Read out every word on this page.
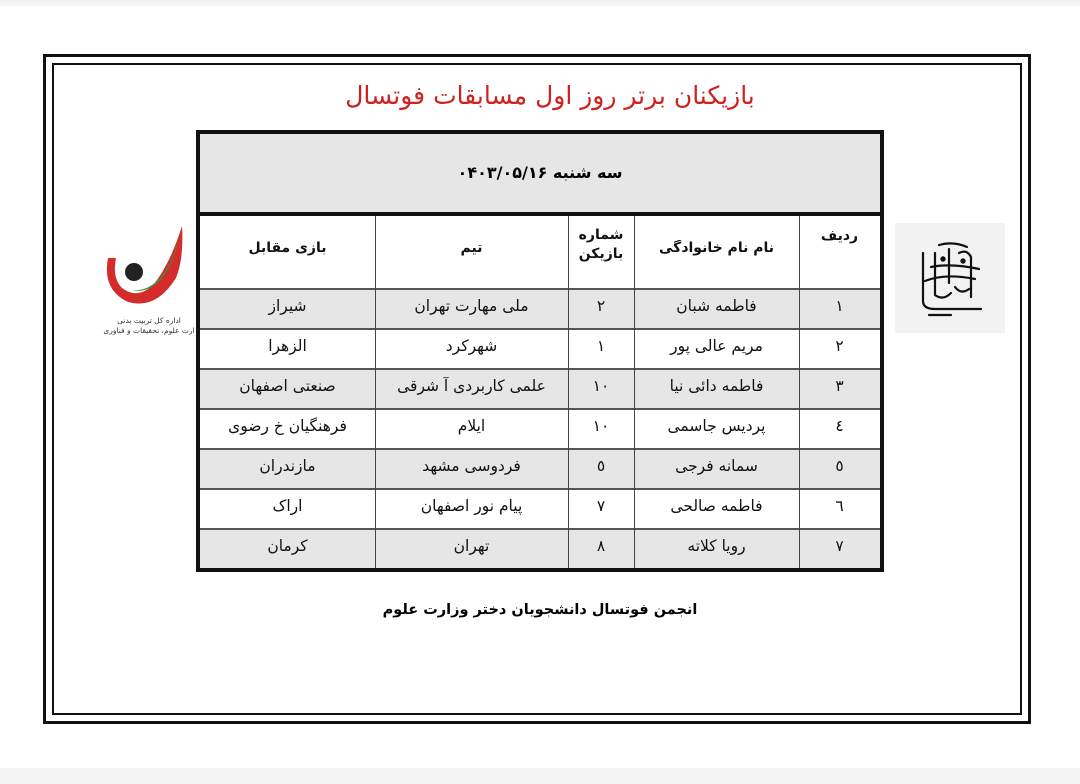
بازیکنان برتر روز اول مسابقات فوتسال
اداره کل تربیت بدنی
ارت علوم، تحقیقات و فناوری
سه شنبه ۰۴۰۳/۰۵/۱۶
ردیف
نام نام خانوادگی
شماره
بازیکن
تیم
بازی مقابل
۱
فاطمه شبان
۲
ملی مهارت تهران
شیراز
۲
مریم عالی پور
۱
شهرکرد
الزهرا
۳
فاطمه دائی نیا
۱۰
علمی کاربردی آ شرقی
صنعتی اصفهان
٤
پردیس جاسمی
۱۰
ایلام
فرهنگیان خ رضوی
٥
سمانه فرجی
٥
فردوسی مشهد
مازندران
٦
فاطمه صالحی
۷
پیام نور اصفهان
اراک
۷
رویا کلاته
۸
تهران
کرمان
انجمن فوتسال دانشجویان دختر وزارت علوم
